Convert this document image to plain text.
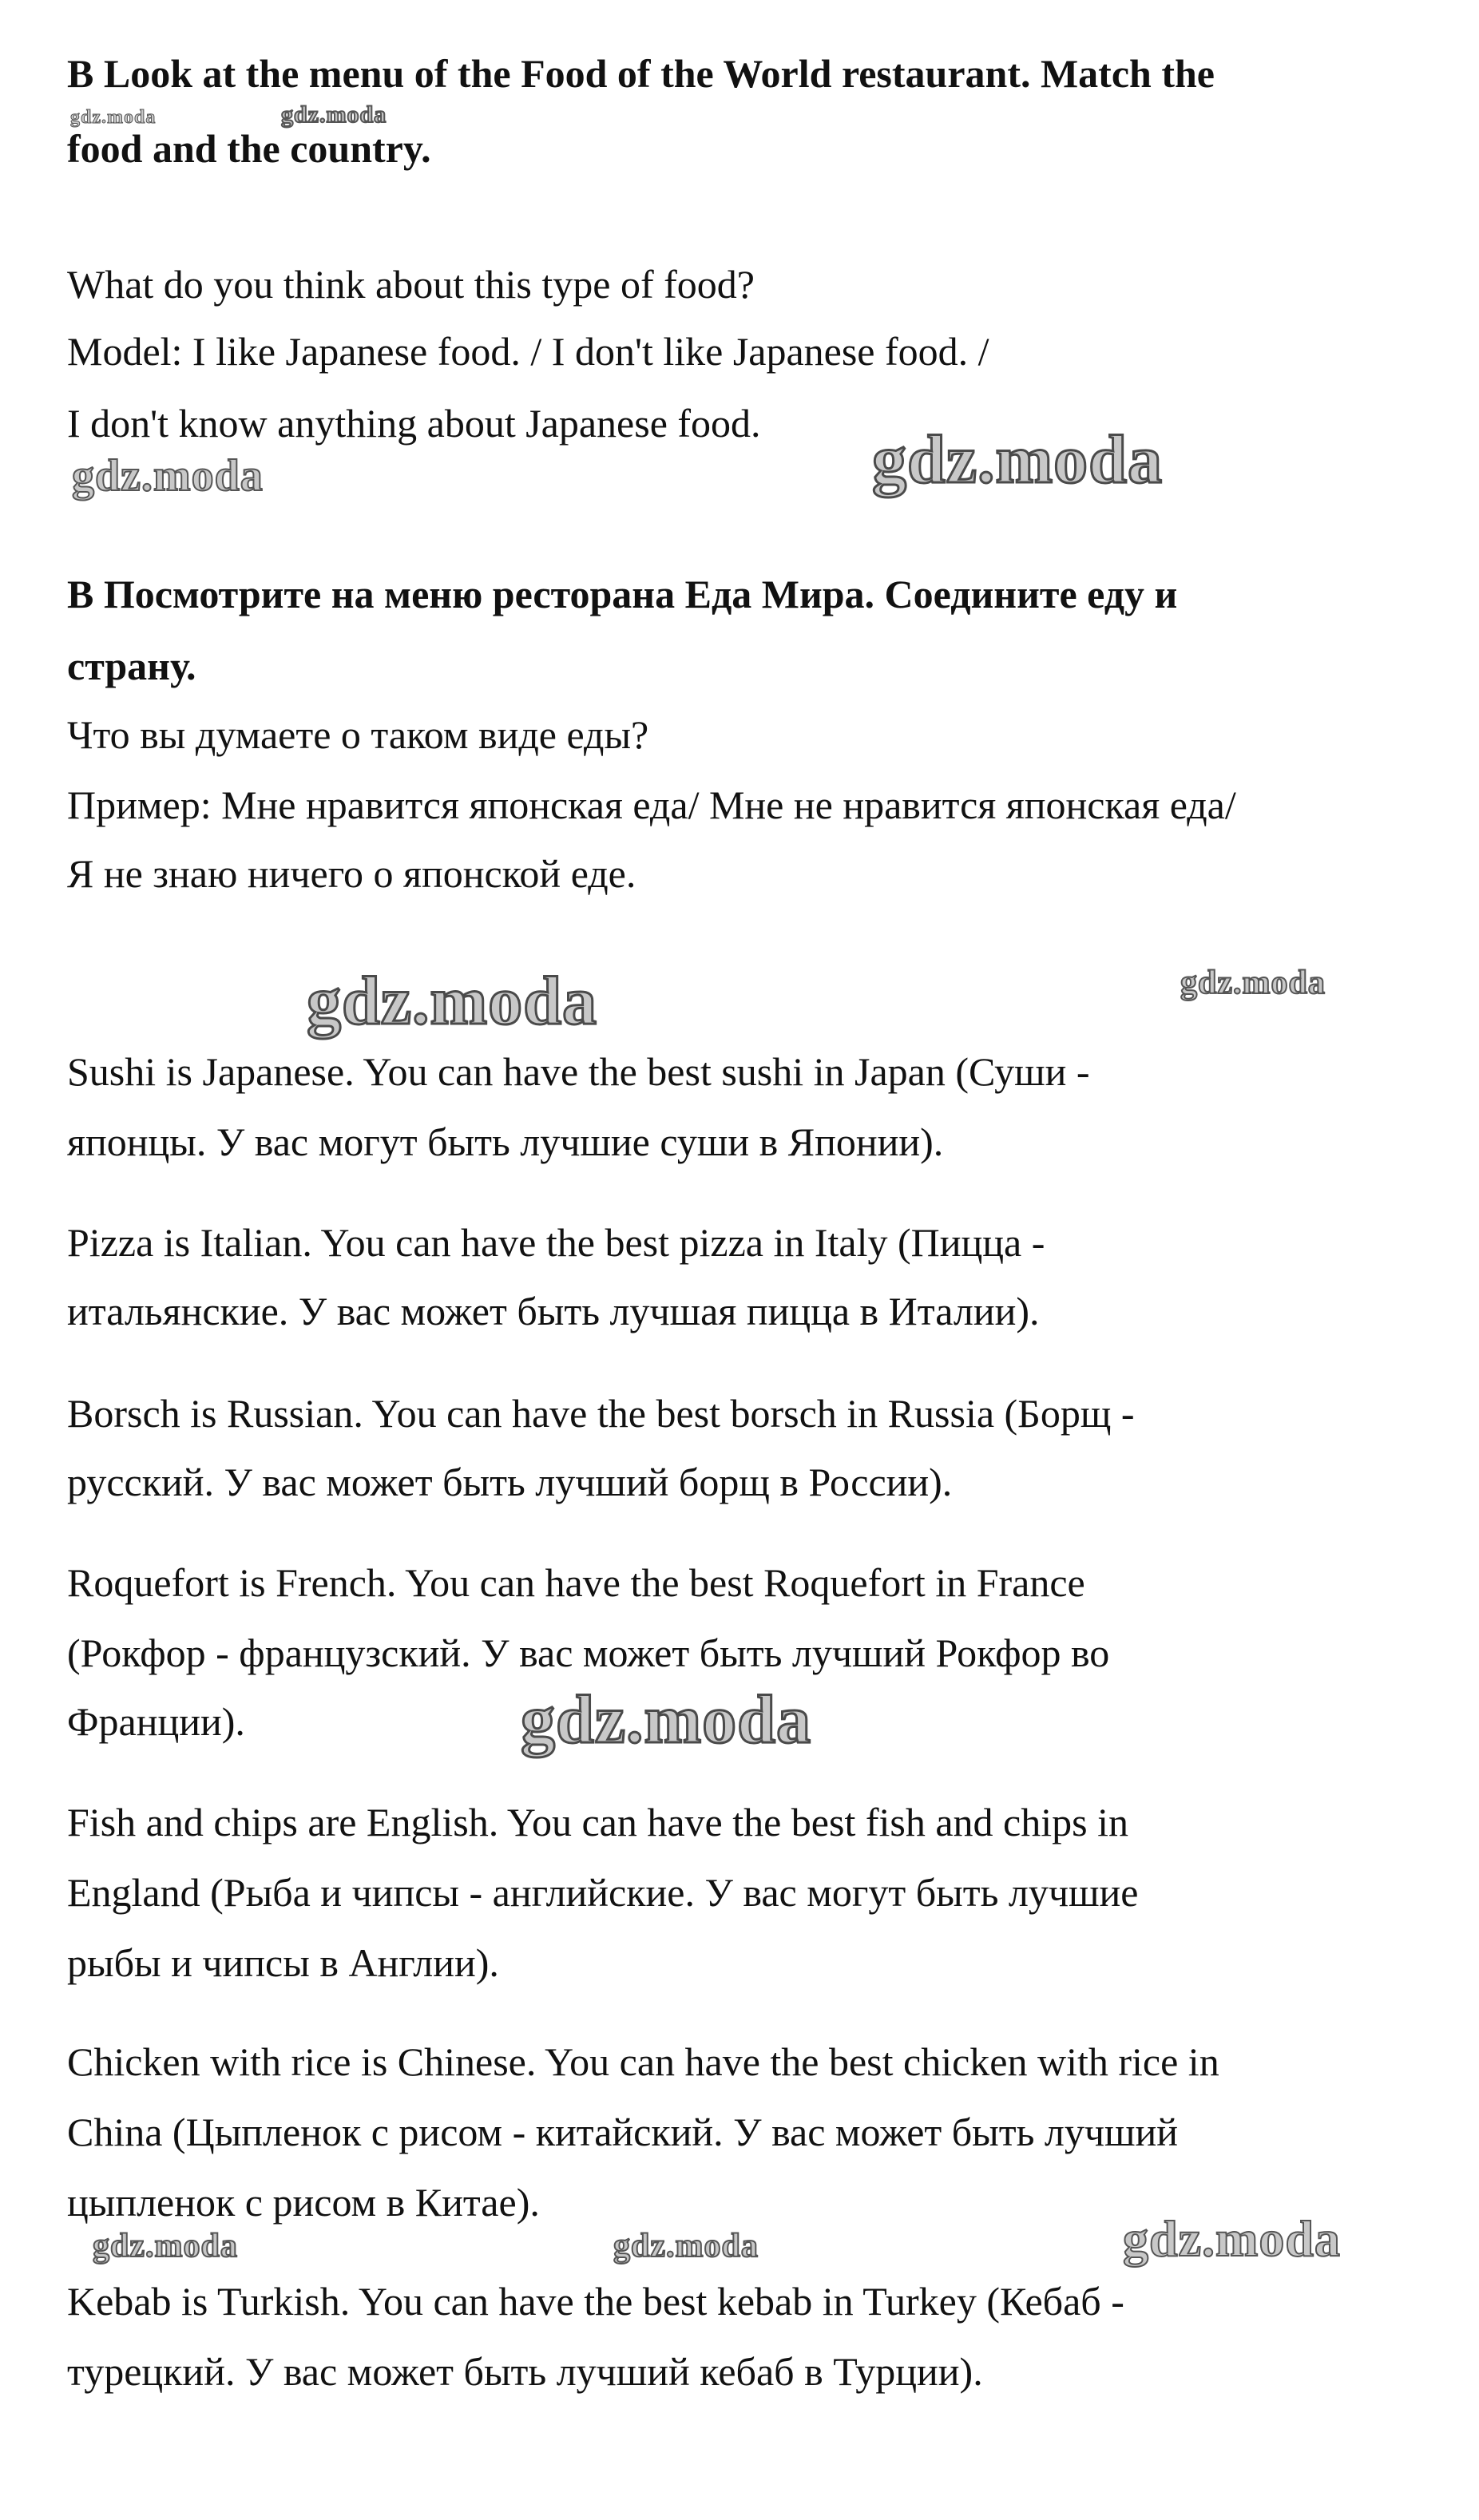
B Look at the menu of the Food of the World restaurant. Match the

food and the country.

What do you think about this type of food?

Model: I like Japanese food. / I don't like Japanese food. /

I don't know anything about Japanese food.

B Посмотрите на меню ресторана Еда Мира. Соедините еду и

страну.

Что вы думаете о таком виде еды?

Пример: Мне нравится японская еда/ Мне не нравится японская еда/

Я не знаю ничего о японской еде.

Sushi is Japanese. You can have the best sushi in Japan (Суши -

японцы. У вас могут быть лучшие суши в Японии).

Pizza is Italian. You can have the best pizza in Italy (Пицца -

итальянские. У вас может быть лучшая пицца в Италии).

Borsch is Russian. You can have the best borsch in Russia (Борщ -

русский. У вас может быть лучший борщ в России).

Roquefort is French. You can have the best Roquefort in France

(Рокфор - французский. У вас может быть лучший Рокфор во

Франции).

Fish and chips are English. You can have the best fish and chips in

England (Рыба и чипсы - английские. У вас могут быть лучшие

рыбы и чипсы в Англии).

Chicken with rice is Chinese. You can have the best chicken with rice in

China (Цыпленок с рисом - китайский. У вас может быть лучший

цыпленок с рисом в Китае).

Kebab is Turkish. You can have the best kebab in Turkey (Кебаб -

турецкий. У вас может быть лучший кебаб в Турции).

gdz.moda	gdz.moda
gdz.moda	gdz.moda
gdz.moda	gdz.moda
gdz.moda
gdz.moda	gdz.moda	gdz.moda
